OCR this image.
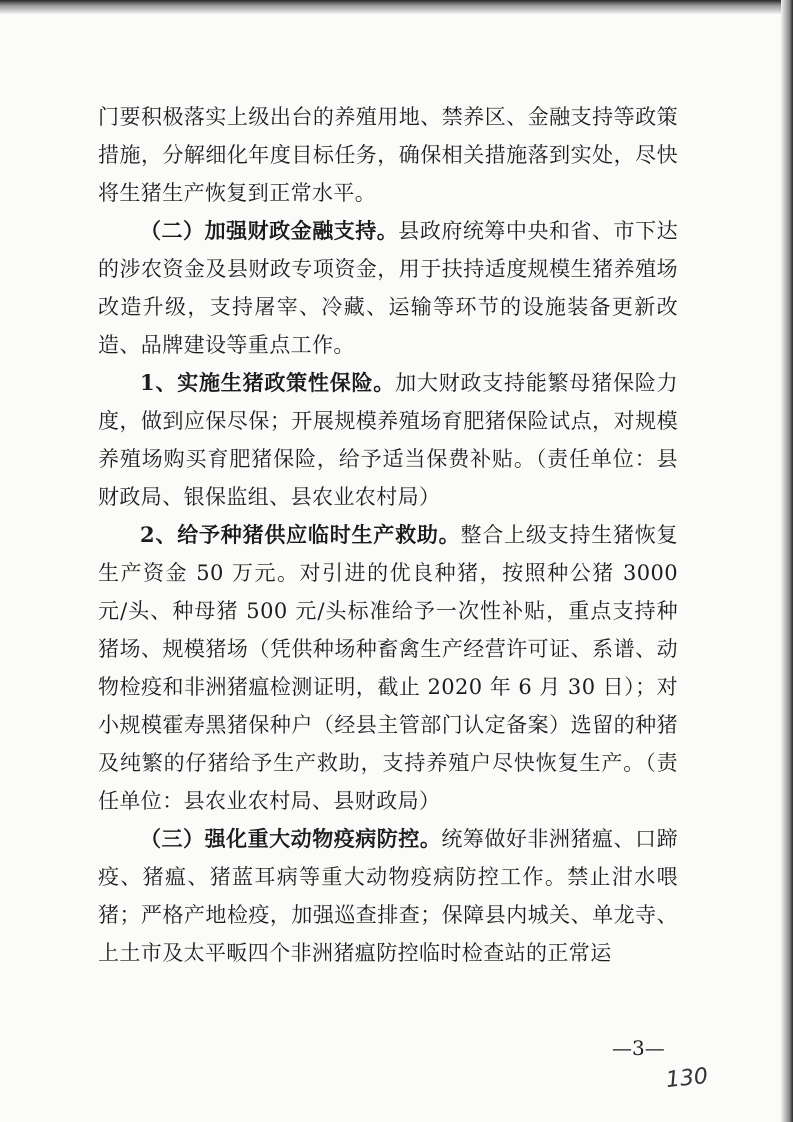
门要积极落实上级出台的养殖用地、禁养区、金融支持等政策措施，分解细化年度目标任务，确保相关措施落到实处，尽快将生猪生产恢复到正常水平。

（二）加强财政金融支持。县政府统筹中央和省、市下达的涉农资金及县财政专项资金，用于扶持适度规模生猪养殖场改造升级，支持屠宰、冷藏、运输等环节的设施装备更新改造、品牌建设等重点工作。

1、实施生猪政策性保险。加大财政支持能繁母猪保险力度，做到应保尽保；开展规模养殖场育肥猪保险试点，对规模养殖场购买育肥猪保险，给予适当保费补贴。（责任单位：县财政局、银保监组、县农业农村局）

2、给予种猪供应临时生产救助。整合上级支持生猪恢复生产资金 50 万元。对引进的优良种猪，按照种公猪 3000 元/头、种母猪 500 元/头标准给予一次性补贴，重点支持种猪场、规模猪场（凭供种场种畜禽生产经营许可证、系谱、动物检疫和非洲猪瘟检测证明，截止 2020 年 6 月 30 日）；对小规模霍寿黑猪保种户（经县主管部门认定备案）选留的种猪及纯繁的仔猪给予生产救助，支持养殖户尽快恢复生产。（责任单位：县农业农村局、县财政局）

（三）强化重大动物疫病防控。统筹做好非洲猪瘟、口蹄疫、猪瘟、猪蓝耳病等重大动物疫病防控工作。禁止泔水喂猪；严格产地检疫，加强巡查排查；保障县内城关、单龙寺、上土市及太平畈四个非洲猪瘟防控临时检查站的正常运

—3—
130
